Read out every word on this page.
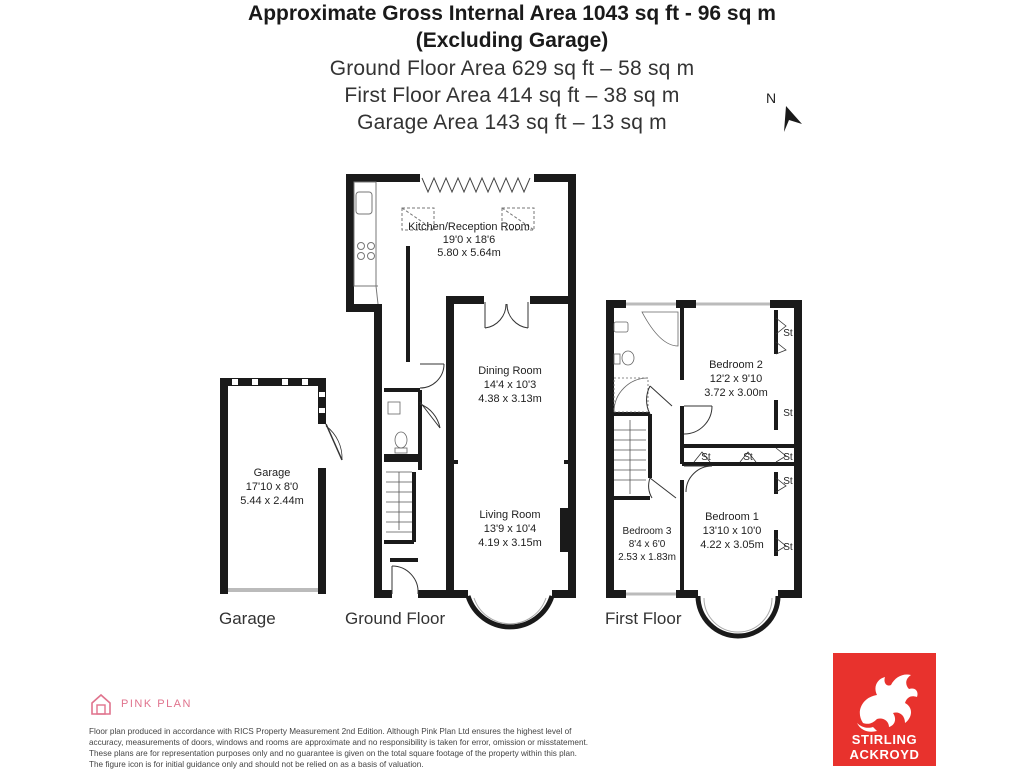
Approximate Gross Internal Area 1043 sq ft - 96 sq m
(Excluding Garage)
Ground Floor Area 629 sq ft – 58 sq m
First Floor Area 414 sq ft – 38 sq m
Garage Area 143 sq ft – 13 sq m
N
Kitchen/Reception Room
19'0 x 18'6
5.80 x 5.64m
Dining Room
14'4 x 10'3
4.38 x 3.13m
Living Room
13'9 x 10'4
4.19 x 3.15m
Garage
17'10 x 8'0
5.44 x 2.44m
Bedroom 2
12'2 x 9'10
3.72 x 3.00m
Bedroom 1
13'10 x 10'0
4.22 x 3.05m
Bedroom 3
8'4 x 6'0
2.53 x 1.83m
St
St
St	St	St
St
St
Garage	Ground Floor	First Floor
PINK PLAN
Floor plan produced in accordance with RICS Property Measurement 2nd Edition. Although Pink Plan Ltd ensures the highest level of accuracy, measurements of doors, windows and rooms are approximate and no responsibility is taken for error, omission or misstatement. These plans are for representation purposes only and no guarantee is given on the total square footage of the property within this plan. The figure icon is for initial guidance only and should not be relied on as a basis of valuation.
STIRLING
ACKROYD
